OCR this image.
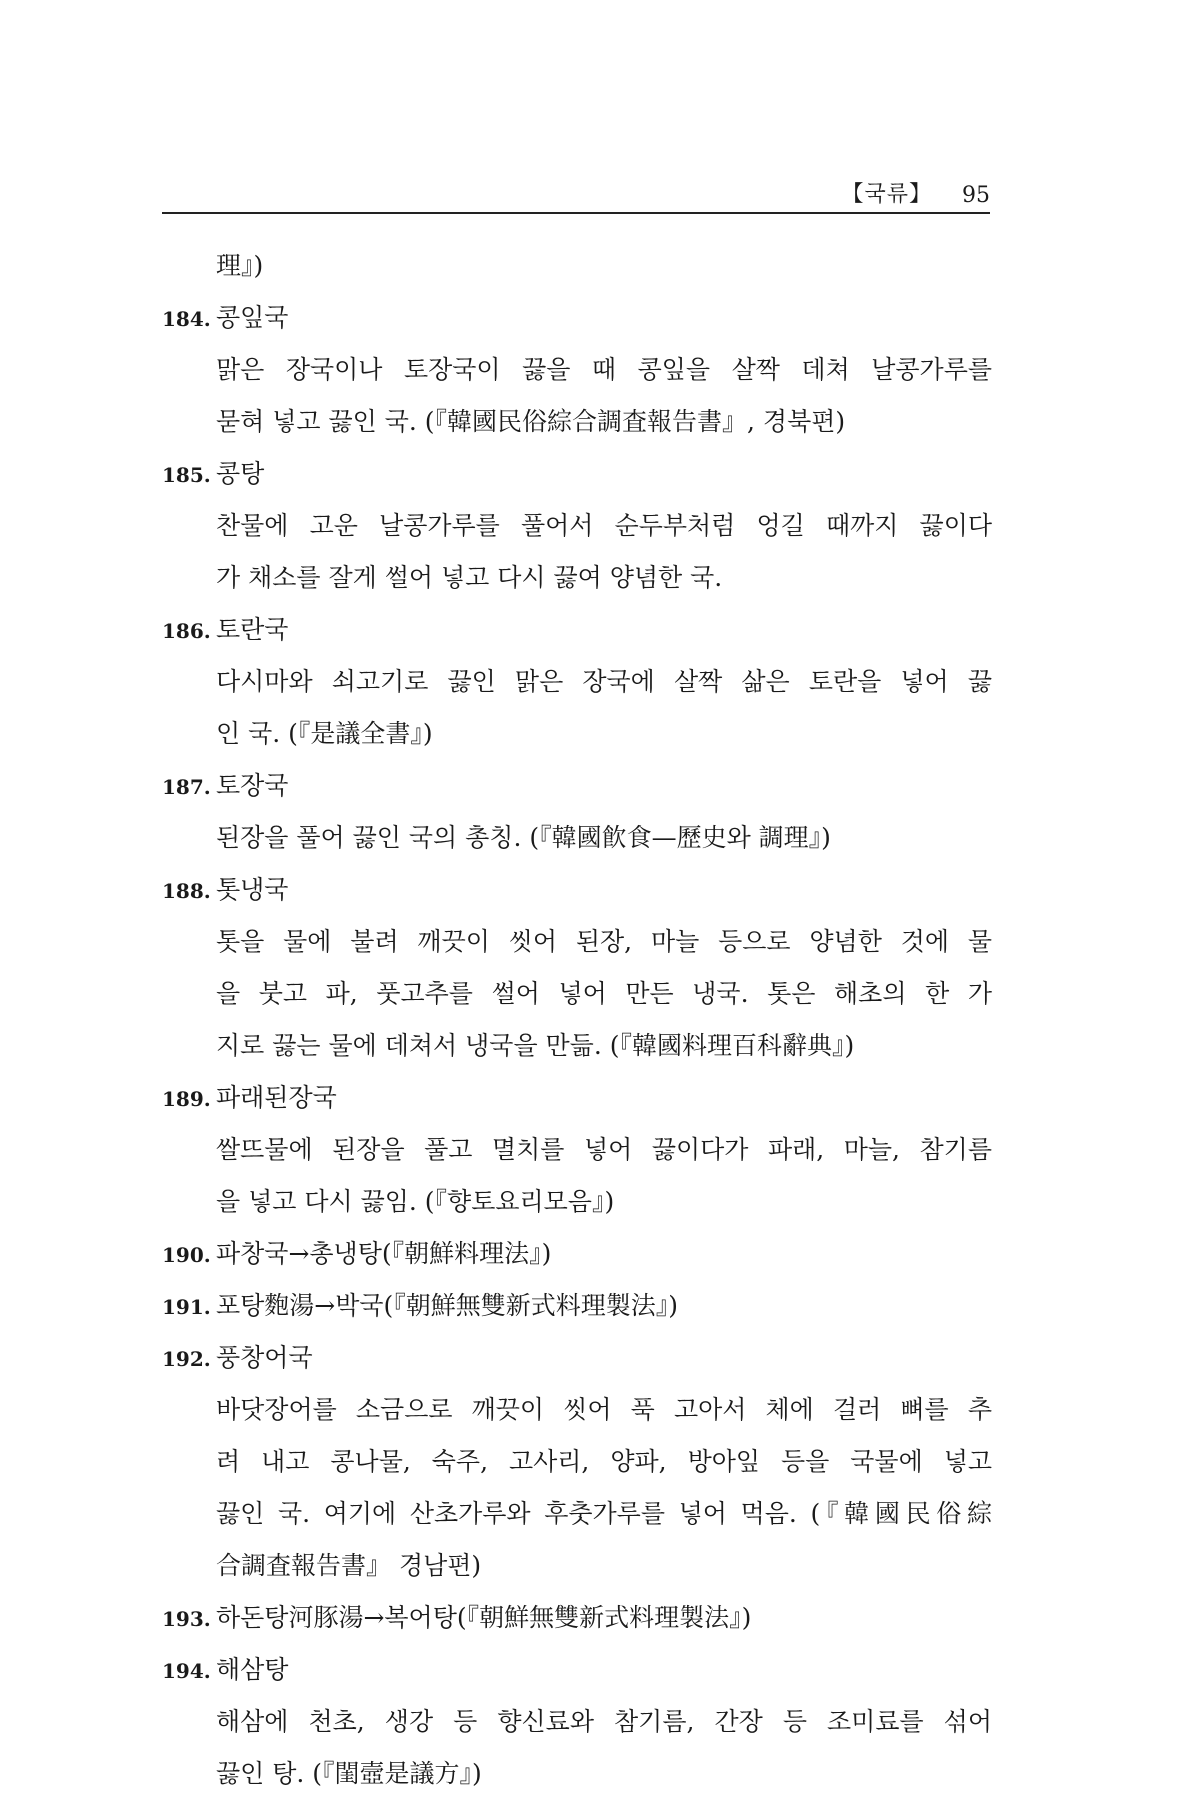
【국류】 95
理』)
184. 콩잎국
맑은 장국이나 토장국이 끓을 때 콩잎을 살짝 데쳐 날콩가루를
묻혀 넣고 끓인 국. (『韓國民俗綜合調査報告書』, 경북편)
185. 콩탕
찬물에 고운 날콩가루를 풀어서 순두부처럼 엉길 때까지 끓이다
가 채소를 잘게 썰어 넣고 다시 끓여 양념한 국.
186. 토란국
다시마와 쇠고기로 끓인 맑은 장국에 살짝 삶은 토란을 넣어 끓
인 국. (『是議全書』)
187. 토장국
된장을 풀어 끓인 국의 총칭. (『韓國飮食—歷史와 調理』)
188. 톳냉국
톳을 물에 불려 깨끗이 씻어 된장, 마늘 등으로 양념한 것에 물
을 붓고 파, 풋고추를 썰어 넣어 만든 냉국. 톳은 해초의 한 가
지로 끓는 물에 데쳐서 냉국을 만듦. (『韓國料理百科辭典』)
189. 파래된장국
쌀뜨물에 된장을 풀고 멸치를 넣어 끓이다가 파래, 마늘, 참기름
을 넣고 다시 끓임. (『향토요리모음』)
190. 파창국→총냉탕(『朝鮮料理法』)
191. 포탕麭湯→박국(『朝鮮無雙新式料理製法』)
192. 풍창어국
바닷장어를 소금으로 깨끗이 씻어 푹 고아서 체에 걸러 뼈를 추
려 내고 콩나물, 숙주, 고사리, 양파, 방아잎 등을 국물에 넣고
끓인 국. 여기에 산초가루와 후춧가루를 넣어 먹음. (『韓國民俗綜
合調査報告書』 경남편)
193. 하돈탕河豚湯→복어탕(『朝鮮無雙新式料理製法』)
194. 해삼탕
해삼에 천초, 생강 등 향신료와 참기름, 간장 등 조미료를 섞어
끓인 탕. (『閨壼是議方』)
